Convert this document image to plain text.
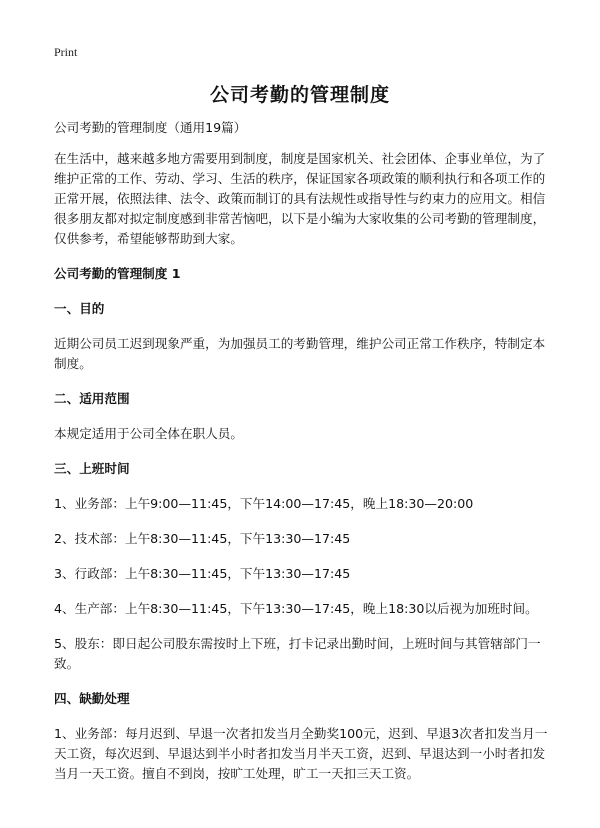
Print
公司考勤的管理制度

公司考勤的管理制度（通用19篇）

在生活中，越来越多地方需要用到制度，制度是国家机关、社会团体、企事业单位，为了维护正常的工作、劳动、学习、生活的秩序，保证国家各项政策的顺利执行和各项工作的正常开展，依照法律、法令、政策而制订的具有法规性或指导性与约束力的应用文。相信很多朋友都对拟定制度感到非常苦恼吧，以下是小编为大家收集的公司考勤的管理制度，仅供参考，希望能够帮助到大家。

公司考勤的管理制度 1

一、目的

近期公司员工迟到现象严重，为加强员工的考勤管理，维护公司正常工作秩序，特制定本制度。

二、适用范围

本规定适用于公司全体在职人员。

三、上班时间

1、业务部：上午9:00—11:45，下午14:00—17:45，晚上18:30—20:00

2、技术部：上午8:30—11:45，下午13:30—17:45

3、行政部：上午8:30—11:45，下午13:30—17:45

4、生产部：上午8:30—11:45，下午13:30—17:45，晚上18:30以后视为加班时间。

5、股东：即日起公司股东需按时上下班，打卡记录出勤时间，上班时间与其管辖部门一致。

四、缺勤处理

1、业务部：每月迟到、早退一次者扣发当月全勤奖100元，迟到、早退3次者扣发当月一天工资，每次迟到、早退达到半小时者扣发当月半天工资，迟到、早退达到一小时者扣发当月一天工资。擅自不到岗，按旷工处理，旷工一天扣三天工资。
